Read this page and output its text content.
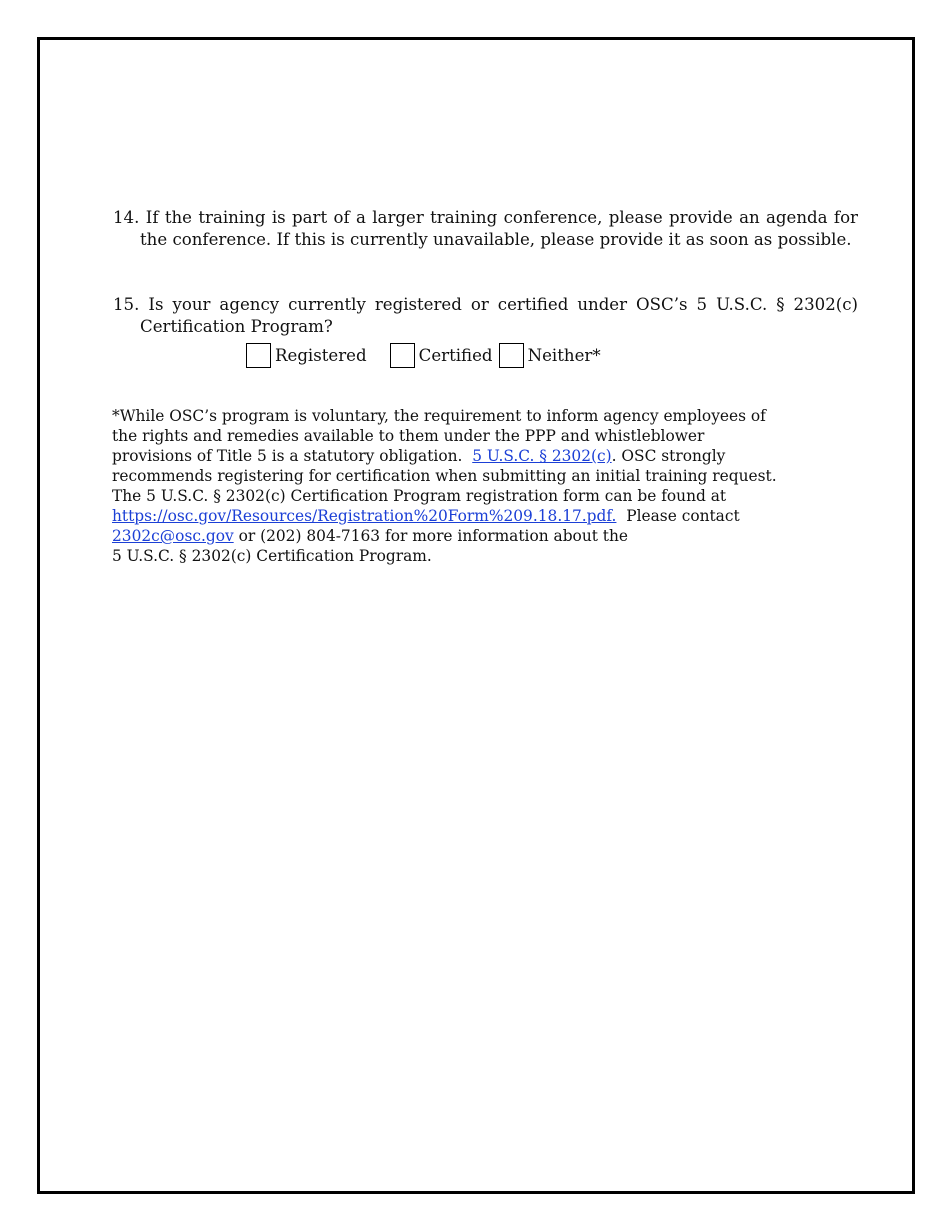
14. If the training is part of a larger training conference, please provide an agenda for the conference. If this is currently unavailable, please provide it as soon as possible.
15. Is your agency currently registered or certified under OSC’s 5 U.S.C. § 2302(c) Certification Program?
Registered	Certified Neither*

*While OSC’s program is voluntary, the requirement to inform agency employees of

the rights and remedies available to them under the PPP and whistleblower

provisions of Title 5 is a statutory obligation. 5 U.S.C. § 2302(c). OSC strongly

recommends registering for certification when submitting an initial training request.

The 5 U.S.C. § 2302(c) Certification Program registration form can be found at

https://osc.gov/Resources/Registration%20Form%209.18.17.pdf. Please contact

2302c@osc.gov or (202) 804-7163 for more information about the

5 U.S.C. § 2302(c) Certification Program.
